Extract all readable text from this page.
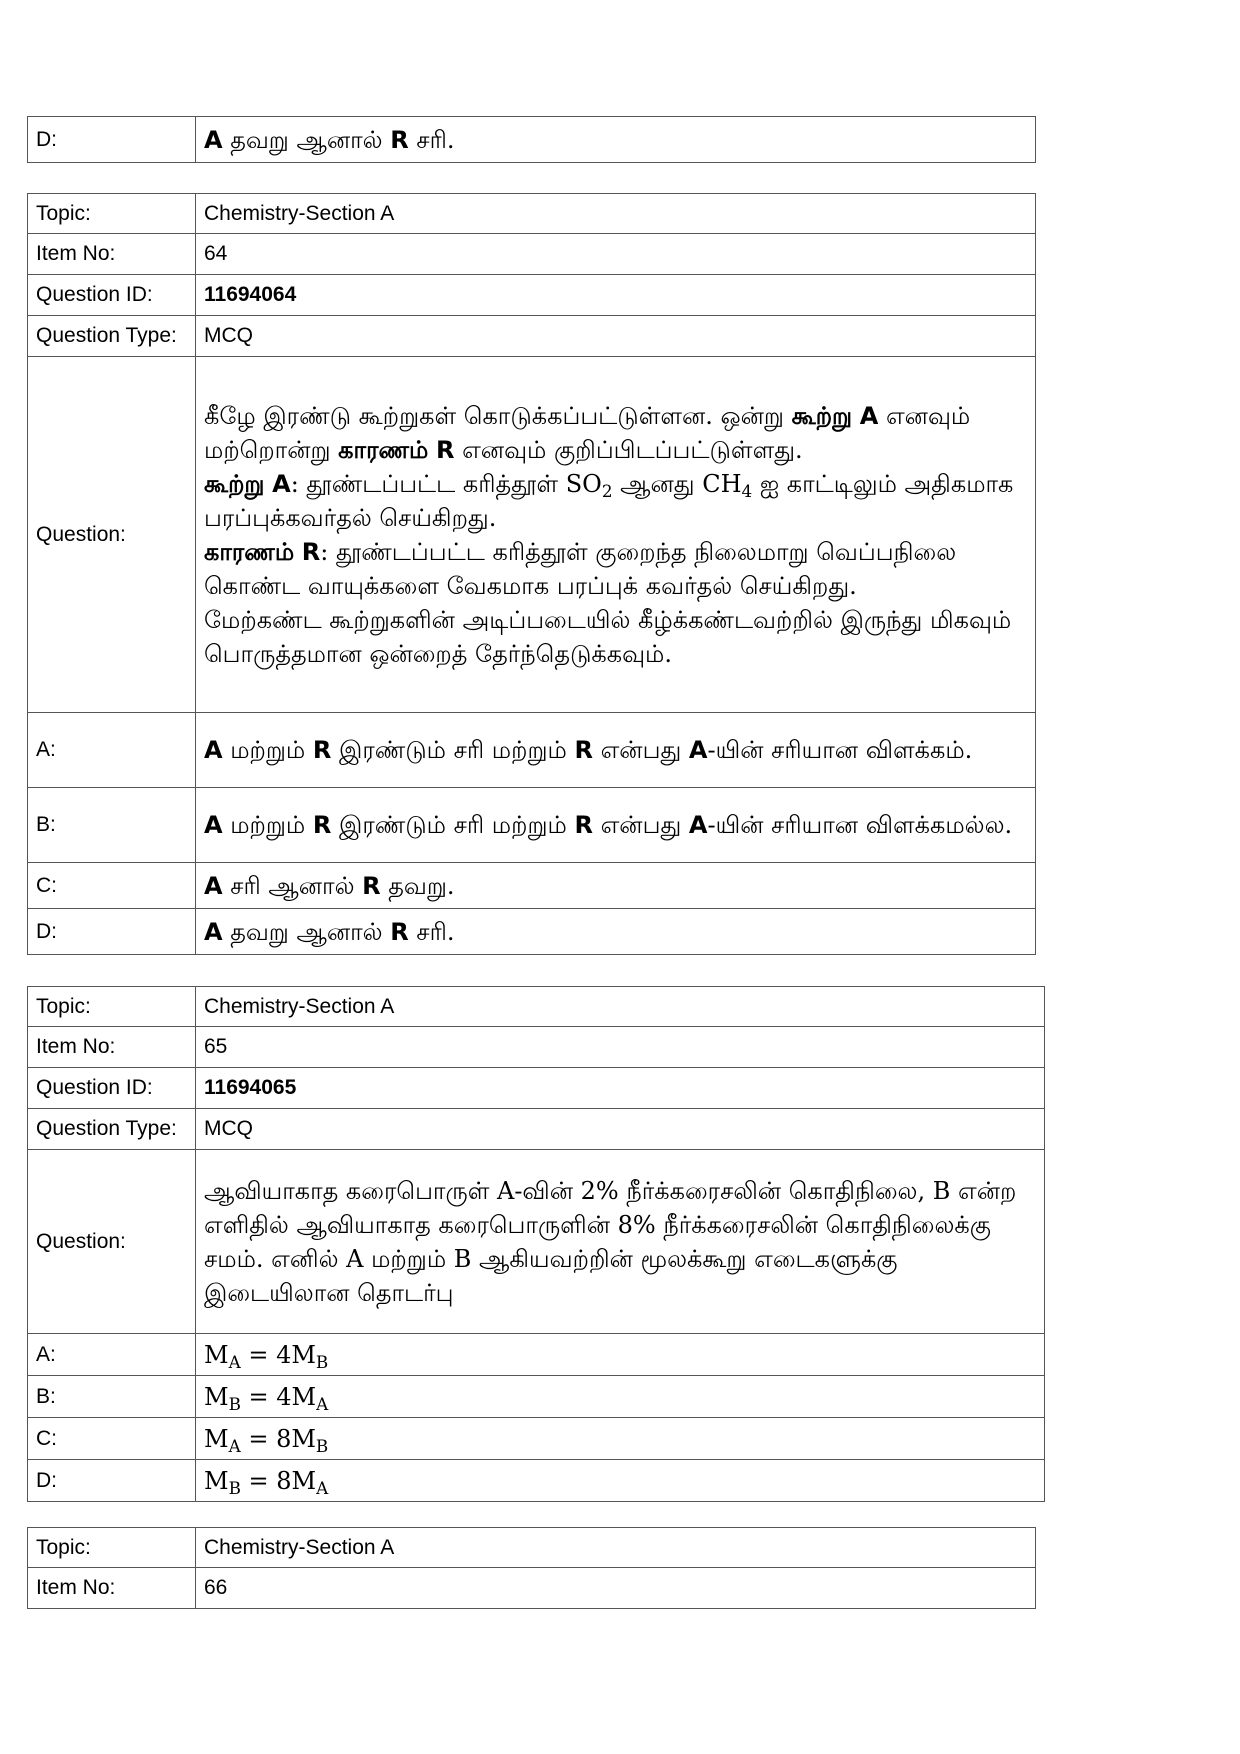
D:	A தவறு ஆனால் R சரி.
Topic:	Chemistry-Section A
Item No:	64
Question ID:	11694064
Question Type:	MCQ
Question:	கீழே இரண்டு கூற்றுகள் கொடுக்கப்பட்டுள்ளன. ஒன்று கூற்று A எனவும் மற்றொன்று காரணம் R எனவும் குறிப்பிடப்பட்டுள்ளது.
கூற்று A: தூண்டப்பட்ட கரித்தூள் $SO_2$ ஆனது $CH_4$ ஐ காட்டிலும் அதிகமாக பரப்புக்கவர்தல் செய்கிறது.
காரணம் R: தூண்டப்பட்ட கரித்தூள் குறைந்த நிலைமாறு வெப்பநிலை கொண்ட வாயுக்களை வேகமாக பரப்புக் கவர்தல் செய்கிறது.
மேற்கண்ட கூற்றுகளின் அடிப்படையில் கீழ்க்கண்டவற்றில் இருந்து மிகவும் பொருத்தமான ஒன்றைத் தேர்ந்தெடுக்கவும்.

A:	A மற்றும் R இரண்டும் சரி மற்றும் R என்பது A-யின் சரியான விளக்கம்.
B:	A மற்றும் R இரண்டும் சரி மற்றும் R என்பது A-யின் சரியான விளக்கமல்ல.
C:	A சரி ஆனால் R தவறு.
D:	A தவறு ஆனால் R சரி.
Topic:	Chemistry-Section A
Item No:	65
Question ID:	11694065
Question Type:	MCQ
Question:	ஆவியாகாத கரைபொருள் A-வின் 2% நீர்க்கரைசலின் கொதிநிலை, B என்ற எளிதில் ஆவியாகாத கரைபொருளின் 8% நீர்க்கரைசலின் கொதிநிலைக்கு சமம். எனில் A மற்றும் B ஆகியவற்றின் மூலக்கூறு எடைகளுக்கு இடையிலான தொடர்பு
A:	$M_A = 4M_B$
B:	$M_B = 4M_A$
C:	$M_A = 8M_B$
D:	$M_B = 8M_A$
Topic:	Chemistry-Section A
Item No:	66
